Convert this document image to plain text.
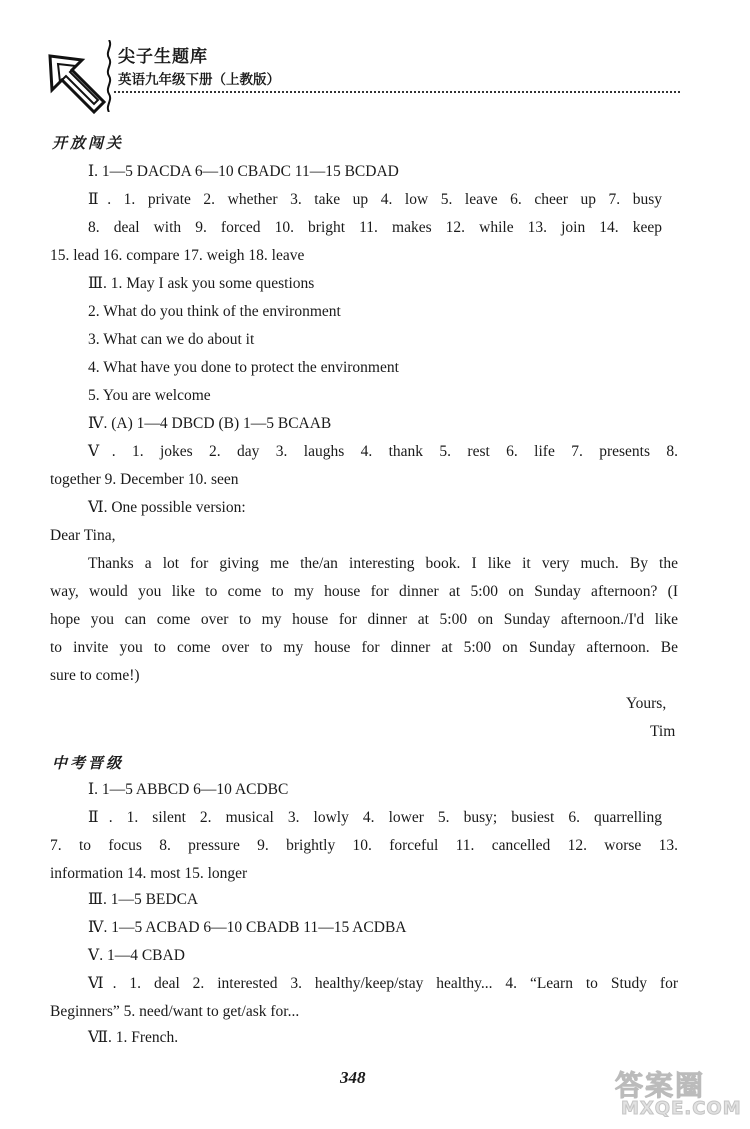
尖子生题库
英语九年级下册（上教版）
开放闯关
Ⅰ. 1—5 DACDA 6—10 CBADC 11—15 BCDAD
Ⅱ. 1. private 2. whether 3. take up 4. low 5. leave 6. cheer up 7. busy
8. deal with 9. forced 10. bright 11. makes 12. while 13. join 14. keep
15. lead 16. compare 17. weigh 18. leave
Ⅲ. 1. May I ask you some questions
2. What do you think of the environment
3. What can we do about it
4. What have you done to protect the environment
5. You are welcome
Ⅳ. (A) 1—4 DBCD (B) 1—5 BCAAB
Ⅴ. 1. jokes 2. day 3. laughs 4. thank 5. rest 6. life 7. presents 8.
together 9. December 10. seen
Ⅵ. One possible version:
Dear Tina,
Thanks a lot for giving me the/an interesting book. I like it very much. By the
way, would you like to come to my house for dinner at 5:00 on Sunday afternoon? (I
hope you can come over to my house for dinner at 5:00 on Sunday afternoon./I'd like
to invite you to come over to my house for dinner at 5:00 on Sunday afternoon. Be
sure to come!)
Yours,
Tim
中考晋级
Ⅰ. 1—5 ABBCD 6—10 ACDBC
Ⅱ. 1. silent 2. musical 3. lowly 4. lower 5. busy; busiest 6. quarrelling
7. to focus 8. pressure 9. brightly 10. forceful 11. cancelled 12. worse 13.
information 14. most 15. longer
Ⅲ. 1—5 BEDCA
Ⅳ. 1—5 ACBAD 6—10 CBADB 11—15 ACDBA
Ⅴ. 1—4 CBAD
Ⅵ. 1. deal 2. interested 3. healthy/keep/stay healthy... 4. “Learn to Study for
Beginners” 5. need/want to get/ask for...
Ⅶ. 1. French.
348	答案圈
MXQE.COM
